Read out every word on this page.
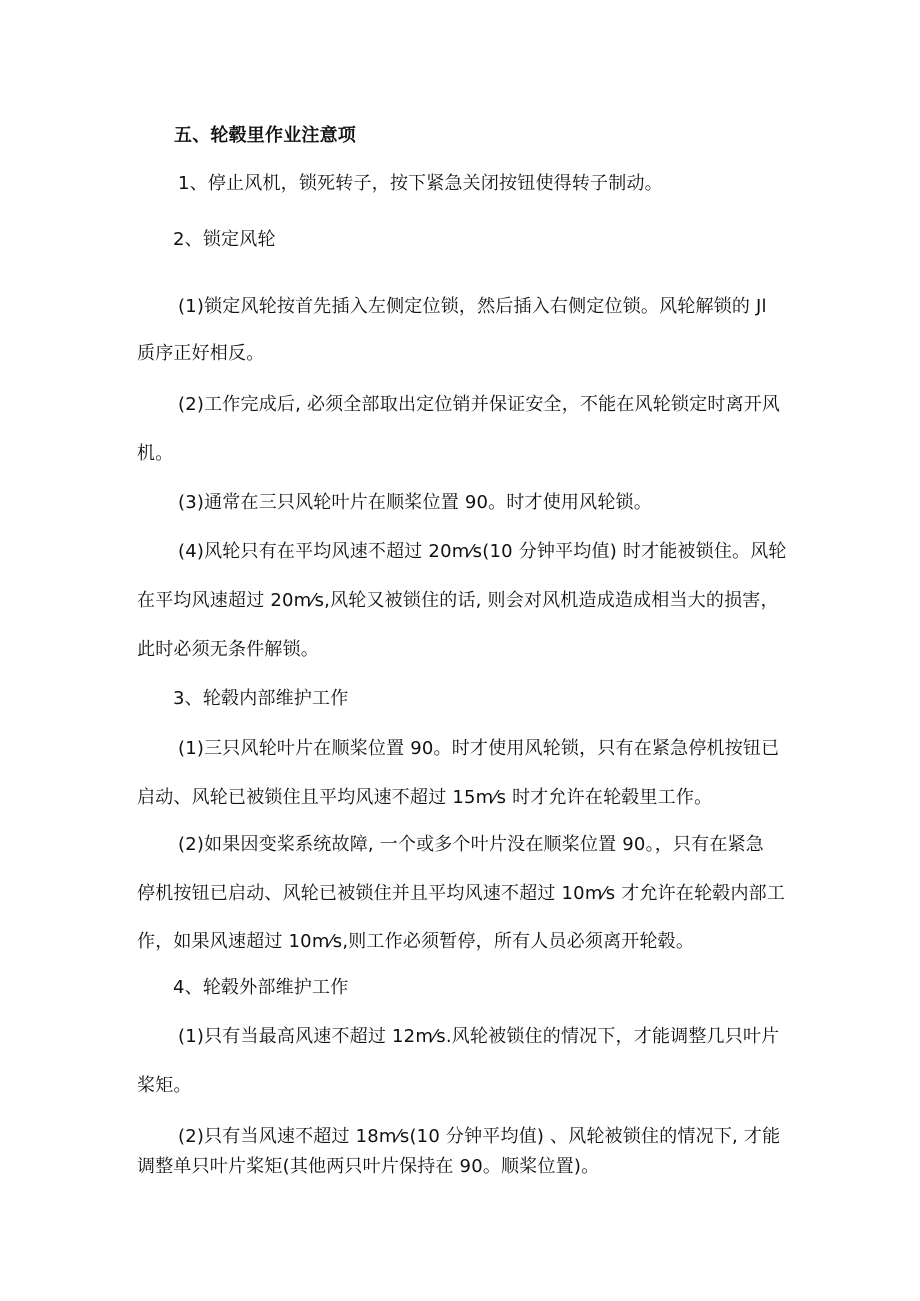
五、轮毂里作业注意项
1、停止风机，锁死转子，按下紧急关闭按钮使得转子制动。
2、锁定风轮
(1)锁定风轮按首先插入左侧定位锁，然后插入右侧定位锁。风轮解锁的 Jl
质序正好相反。
(2)工作完成后, 必须全部取出定位销并保证安全，不能在风轮锁定时离开风
机。
(3)通常在三只风轮叶片在顺桨位置 90。时才使用风轮锁。
(4)风轮只有在平均风速不超过 20m⁄s(10 分钟平均值) 时才能被锁住。风轮
在平均风速超过 20m⁄s,风轮又被锁住的话, 则会对风机造成造成相当大的损害，
此时必须无条件解锁。
3、轮毂内部维护工作
(1)三只风轮叶片在顺桨位置 90。时才使用风轮锁，只有在紧急停机按钮已
启动、风轮已被锁住且平均风速不超过 15m⁄s 时才允许在轮毂里工作。
(2)如果因变桨系统故障, 一个或多个叶片没在顺桨位置 90。，只有在紧急
停机按钮已启动、风轮已被锁住并且平均风速不超过 10m⁄s 才允许在轮毂内部工
作，如果风速超过 10m⁄s,则工作必须暂停，所有人员必须离开轮毂。
4、轮毂外部维护工作
(1)只有当最高风速不超过 12m⁄s.风轮被锁住的情况下，才能调整几只叶片
桨矩。
(2)只有当风速不超过 18m⁄s(10 分钟平均值) 、风轮被锁住的情况下, 才能
调整单只叶片桨矩(其他两只叶片保持在 90。顺桨位置)。
